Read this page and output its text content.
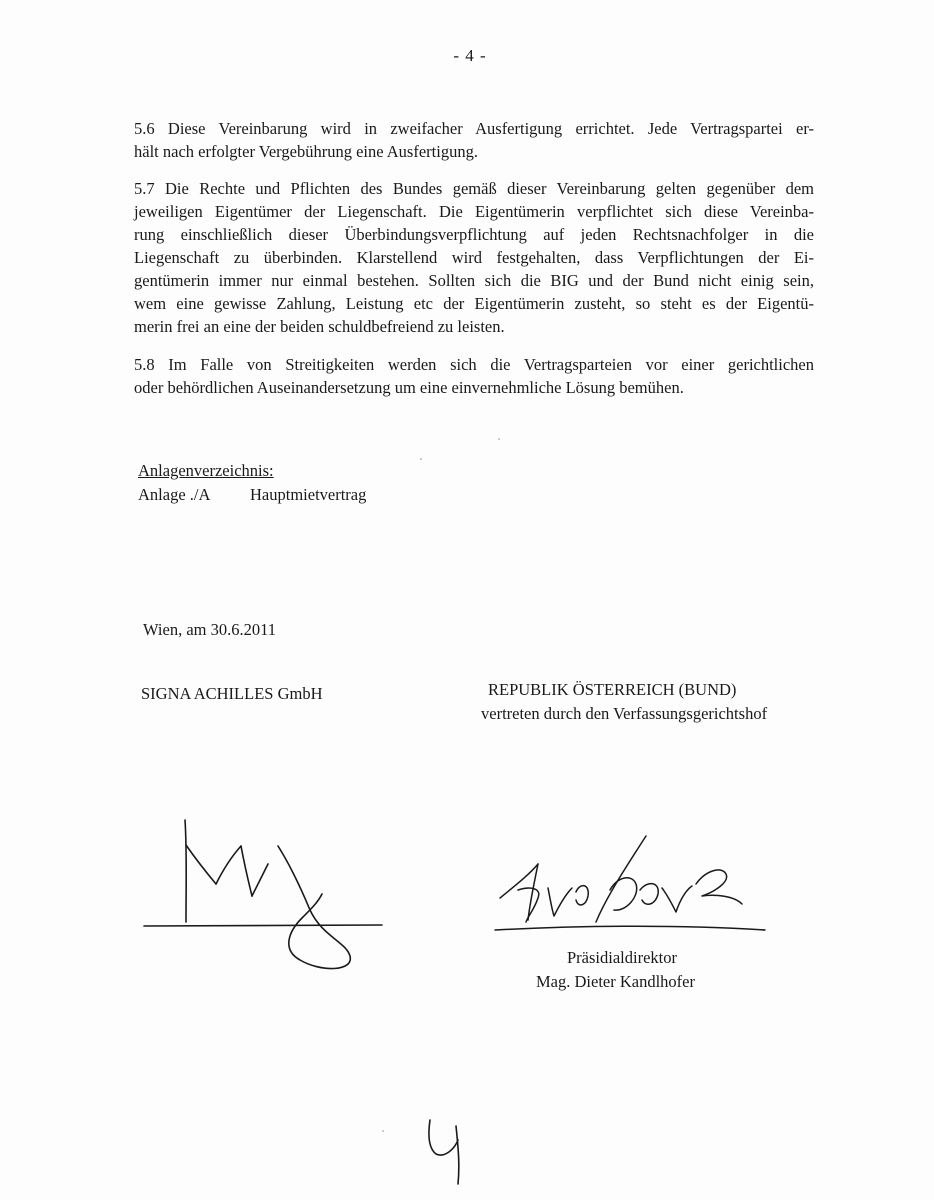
- 4 -
5.6 Diese Vereinbarung wird in zweifacher Ausfertigung errichtet. Jede Vertragspartei er-
hält nach erfolgter Vergebührung eine Ausfertigung.
5.7 Die Rechte und Pflichten des Bundes gemäß dieser Vereinbarung gelten gegenüber dem
jeweiligen Eigentümer der Liegenschaft. Die Eigentümerin verpflichtet sich diese Vereinba-
rung einschließlich dieser Überbindungsverpflichtung auf jeden Rechtsnachfolger in die
Liegenschaft zu überbinden. Klarstellend wird festgehalten, dass Verpflichtungen der Ei-
gentümerin immer nur einmal bestehen. Sollten sich die BIG und der Bund nicht einig sein,
wem eine gewisse Zahlung, Leistung etc der Eigentümerin zusteht, so steht es der Eigentü-
merin frei an eine der beiden schuldbefreiend zu leisten.
5.8 Im Falle von Streitigkeiten werden sich die Vertragsparteien vor einer gerichtlichen
oder behördlichen Auseinandersetzung um eine einvernehmliche Lösung bemühen.
Anlagenverzeichnis:
Anlage ./A Hauptmietvertrag
Wien, am 30.6.2011
SIGNA ACHILLES GmbH	REPUBLIK ÖSTERREICH (BUND)
vertreten durch den Verfassungsgerichtshof
Präsidialdirektor
Mag. Dieter Kandlhofer
